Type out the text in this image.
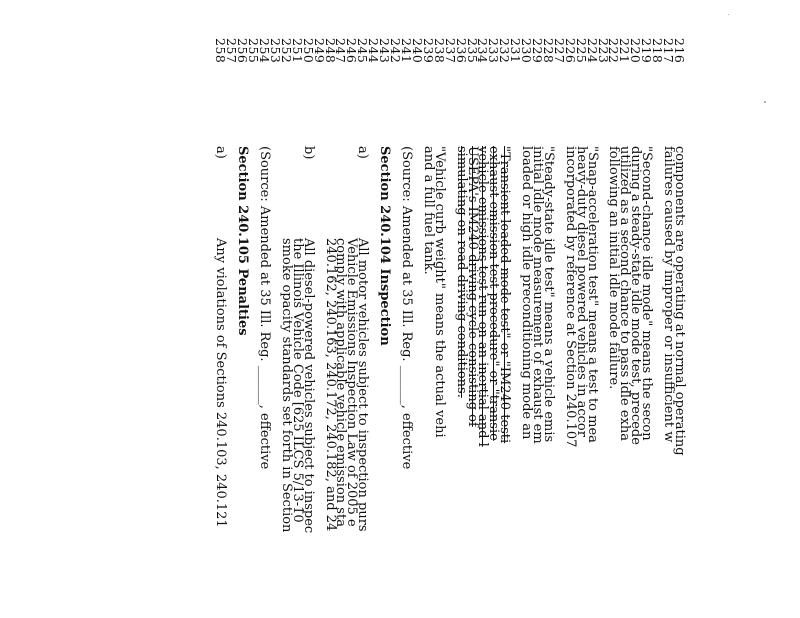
216
components are operating at normal operating
217
failures caused by improper or insufficient w
218
219
"Second-chance idle mode" means the secon
220
during a steady-state idle mode test, precede
221
utilized as a second chance to pass idle exha
222
following an initial idle mode failure.
223
224
"Snap-acceleration test" means a test to mea
225
heavy-duty diesel powered vehicles in accor
226
incorporated by reference at Section 240.107
227
228
"Steady-state idle test" means a vehicle emis
229
initial idle mode measurement of exhaust em
230
loaded or high idle preconditioning mode an
231
232
"Transient loaded mode test" or "IM240 testi
233
exhaust emission test procedure" or "transie
234
vehicle emissions test run on an inertial and l
235
USEPA's IM240 driving cycle consisting of
236
simulating on-road driving conditions.
237
238
"Vehicle curb weight" means the actual vehi
239
and a full fuel tank.
240
241
(Source: Amended at 35 Ill. Reg. ______, effective
242
243
Section 240.104 Inspection
244
245
a)
All motor vehicles subject to inspection purs
246
Vehicle Emissions Inspection Law of 2005 e
247
comply with applicable vehicle emission sta
248
240.162, 240.163, 240.172, 240.182, and 24
249
250
b)
All diesel-powered vehicles subject to inspec
251
the Illinois Vehicle Code [625 ILCS 5/13-10
252
smoke opacity standards set forth in Section
253
254
(Source: Amended at 35 Ill. Reg. ______, effective
255
256
Section 240.105 Penalties
257
258
a)
Any violations of Sections 240.103, 240.121
